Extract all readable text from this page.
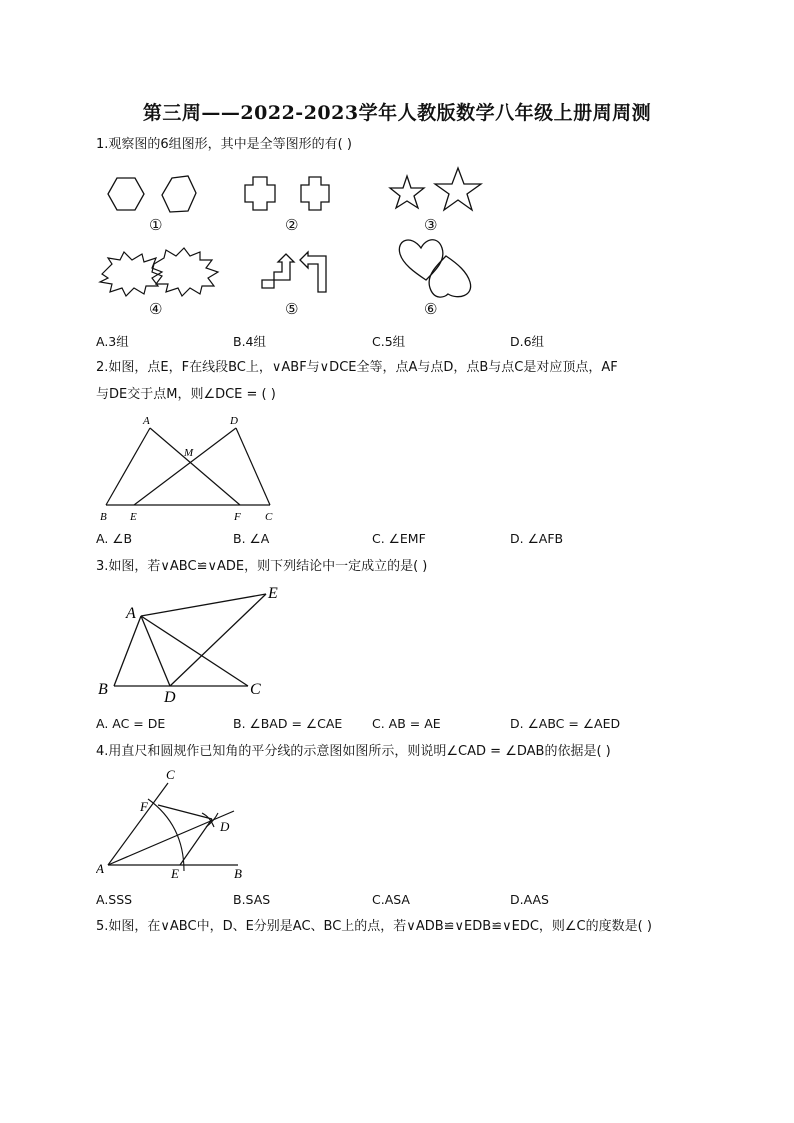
第三周——2022-2023学年人教版数学八年级上册周周测
1.观察图的6组图形，其中是全等图形的有( )
①	②	③
④	⑤	⑥
A.3组	B.4组	C.5组	D.6组
2.如图，点E，F在线段BC上，∨ABF与∨DCE全等，点A与点D，点B与点C是对应顶点，AF
与DE交于点M，则∠DCE = ( )
A	D
M
B E	F C
A. ∠B	B. ∠A	C. ∠EMF	D. ∠AFB
3.如图，若∨ABC≌∨ADE，则下列结论中一定成立的是( )
A
E
B	D	C
A. AC = DE	B. ∠BAD = ∠CAE C. AB = AE	D. ∠ABC = ∠AED
4.用直尺和圆规作已知角的平分线的示意图如图所示，则说明∠CAD = ∠DAB的依据是( )
C
F
D
A	E	B
A.SSS	B.SAS	C.ASA	D.AAS
5.如图，在∨ABC中，D、E分别是AC、BC上的点，若∨ADB≌∨EDB≌∨EDC，则∠C的度数是( )
